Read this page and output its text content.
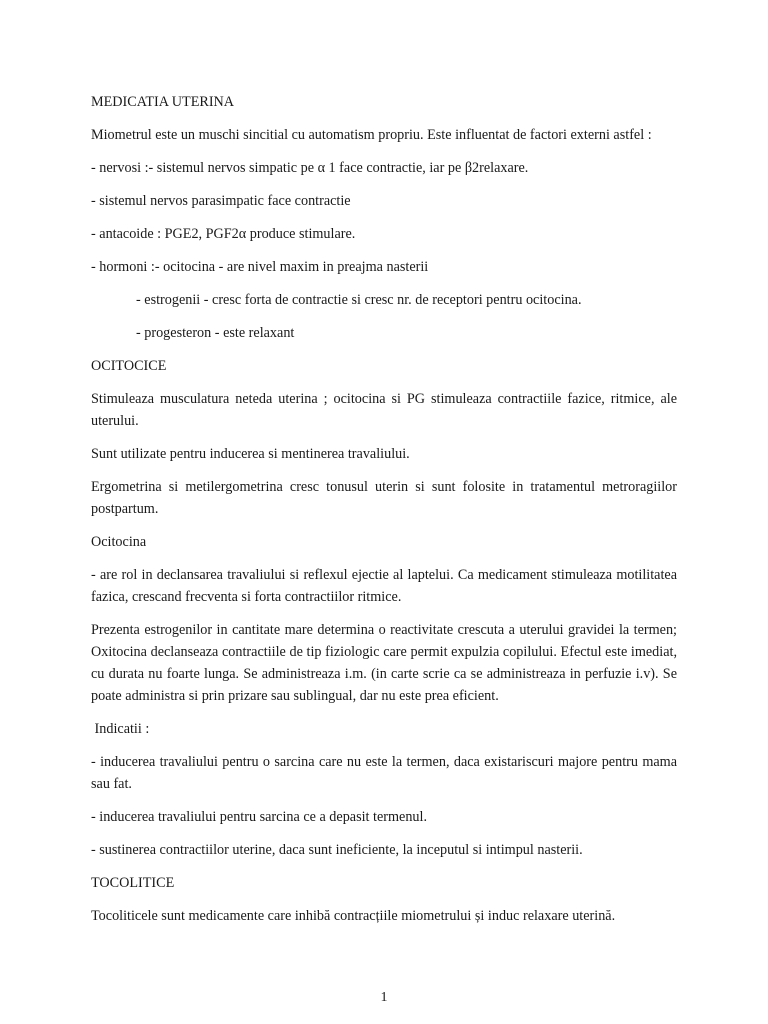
MEDICATIA UTERINA

Miometrul este un muschi sincitial cu automatism propriu. Este influentat de factori externi astfel :

- nervosi :- sistemul nervos simpatic pe α 1 face contractie, iar pe β2relaxare.

- sistemul nervos parasimpatic face contractie

- antacoide : PGE2, PGF2α produce stimulare.

- hormoni :- ocitocina - are nivel maxim in preajma nasterii

- estrogenii - cresc forta de contractie si cresc nr. de receptori pentru ocitocina.

- progesteron - este relaxant

OCITOCICE

Stimuleaza musculatura neteda uterina ; ocitocina si PG stimuleaza contractiile fazice, ritmice, ale uterului.

Sunt utilizate pentru inducerea si mentinerea travaliului.

Ergometrina si metilergometrina cresc tonusul uterin si sunt folosite in tratamentul metroragiilor postpartum.

Ocitocina

- are rol in declansarea travaliului si reflexul ejectie al laptelui. Ca medicament stimuleaza motilitatea fazica, crescand frecventa si forta contractiilor ritmice.

Prezenta estrogenilor in cantitate mare determina o reactivitate crescuta a uterului gravidei la termen; Oxitocina declanseaza contractiile de tip fiziologic care permit expulzia copilului. Efectul este imediat, cu durata nu foarte lunga. Se administreaza i.m. (in carte scrie ca se administreaza in perfuzie i.v). Se poate administra si prin prizare sau sublingual, dar nu este prea eficient.

Indicatii :

- inducerea travaliului pentru o sarcina care nu este la termen, daca existariscuri majore pentru mama sau fat.

- inducerea travaliului pentru sarcina ce a depasit termenul.

- sustinerea contractiilor uterine, daca sunt ineficiente, la inceputul si intimpul nasterii.

TOCOLITICE

Tocoliticele sunt medicamente care inhibă contracțiile miometrului și induc relaxare uterină.

1
